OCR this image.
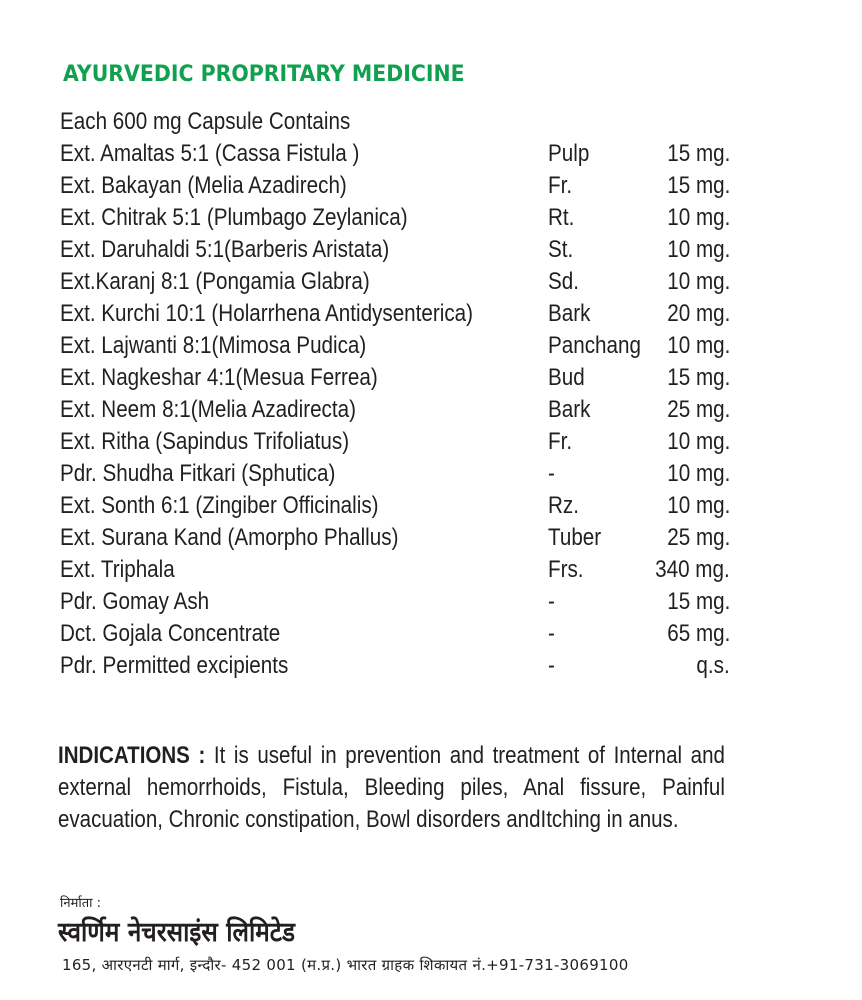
AYURVEDIC PROPRITARY MEDICINE
Each 600 mg Capsule Contains
Ext. Amaltas 5:1 (Cassa Fistula )	Pulp	15 mg.
Ext. Bakayan (Melia Azadirech)	Fr.	15 mg.
Ext. Chitrak 5:1 (Plumbago Zeylanica)	Rt.	10 mg.
Ext. Daruhaldi 5:1(Barberis Aristata)	St.	10 mg.
Ext.Karanj 8:1 (Pongamia Glabra)	Sd.	10 mg.
Ext. Kurchi 10:1 (Holarrhena Antidysenterica)	Bark	20 mg.
Ext. Lajwanti 8:1(Mimosa Pudica)	Panchang 10 mg.
Ext. Nagkeshar 4:1(Mesua Ferrea)	Bud	15 mg.
Ext. Neem 8:1(Melia Azadirecta)	Bark	25 mg.
Ext. Ritha (Sapindus Trifoliatus)	Fr.	10 mg.
Pdr. Shudha Fitkari (Sphutica)	-	10 mg.
Ext. Sonth 6:1 (Zingiber Officinalis)	Rz.	10 mg.
Ext. Surana Kand (Amorpho Phallus)	Tuber	25 mg.
Ext. Triphala	Frs.	340 mg.
Pdr. Gomay Ash	-	15 mg.
Dct. Gojala Concentrate	-	65 mg.
Pdr. Permitted excipients	-	q.s.
INDICATIONS : It is useful in prevention and treatment of Internal and external hemorrhoids, Fistula, Bleeding piles, Anal fissure, Painful evacuation, Chronic constipation, Bowl disorders andItching in anus.
निर्माता :
स्वर्णिम नेचरसाइंस लिमिटेड
165, आरएनटी मार्ग, इन्दौर- 452 001 (म.प्र.) भारत ग्राहक शिकायत नं.+91-731-3069100
